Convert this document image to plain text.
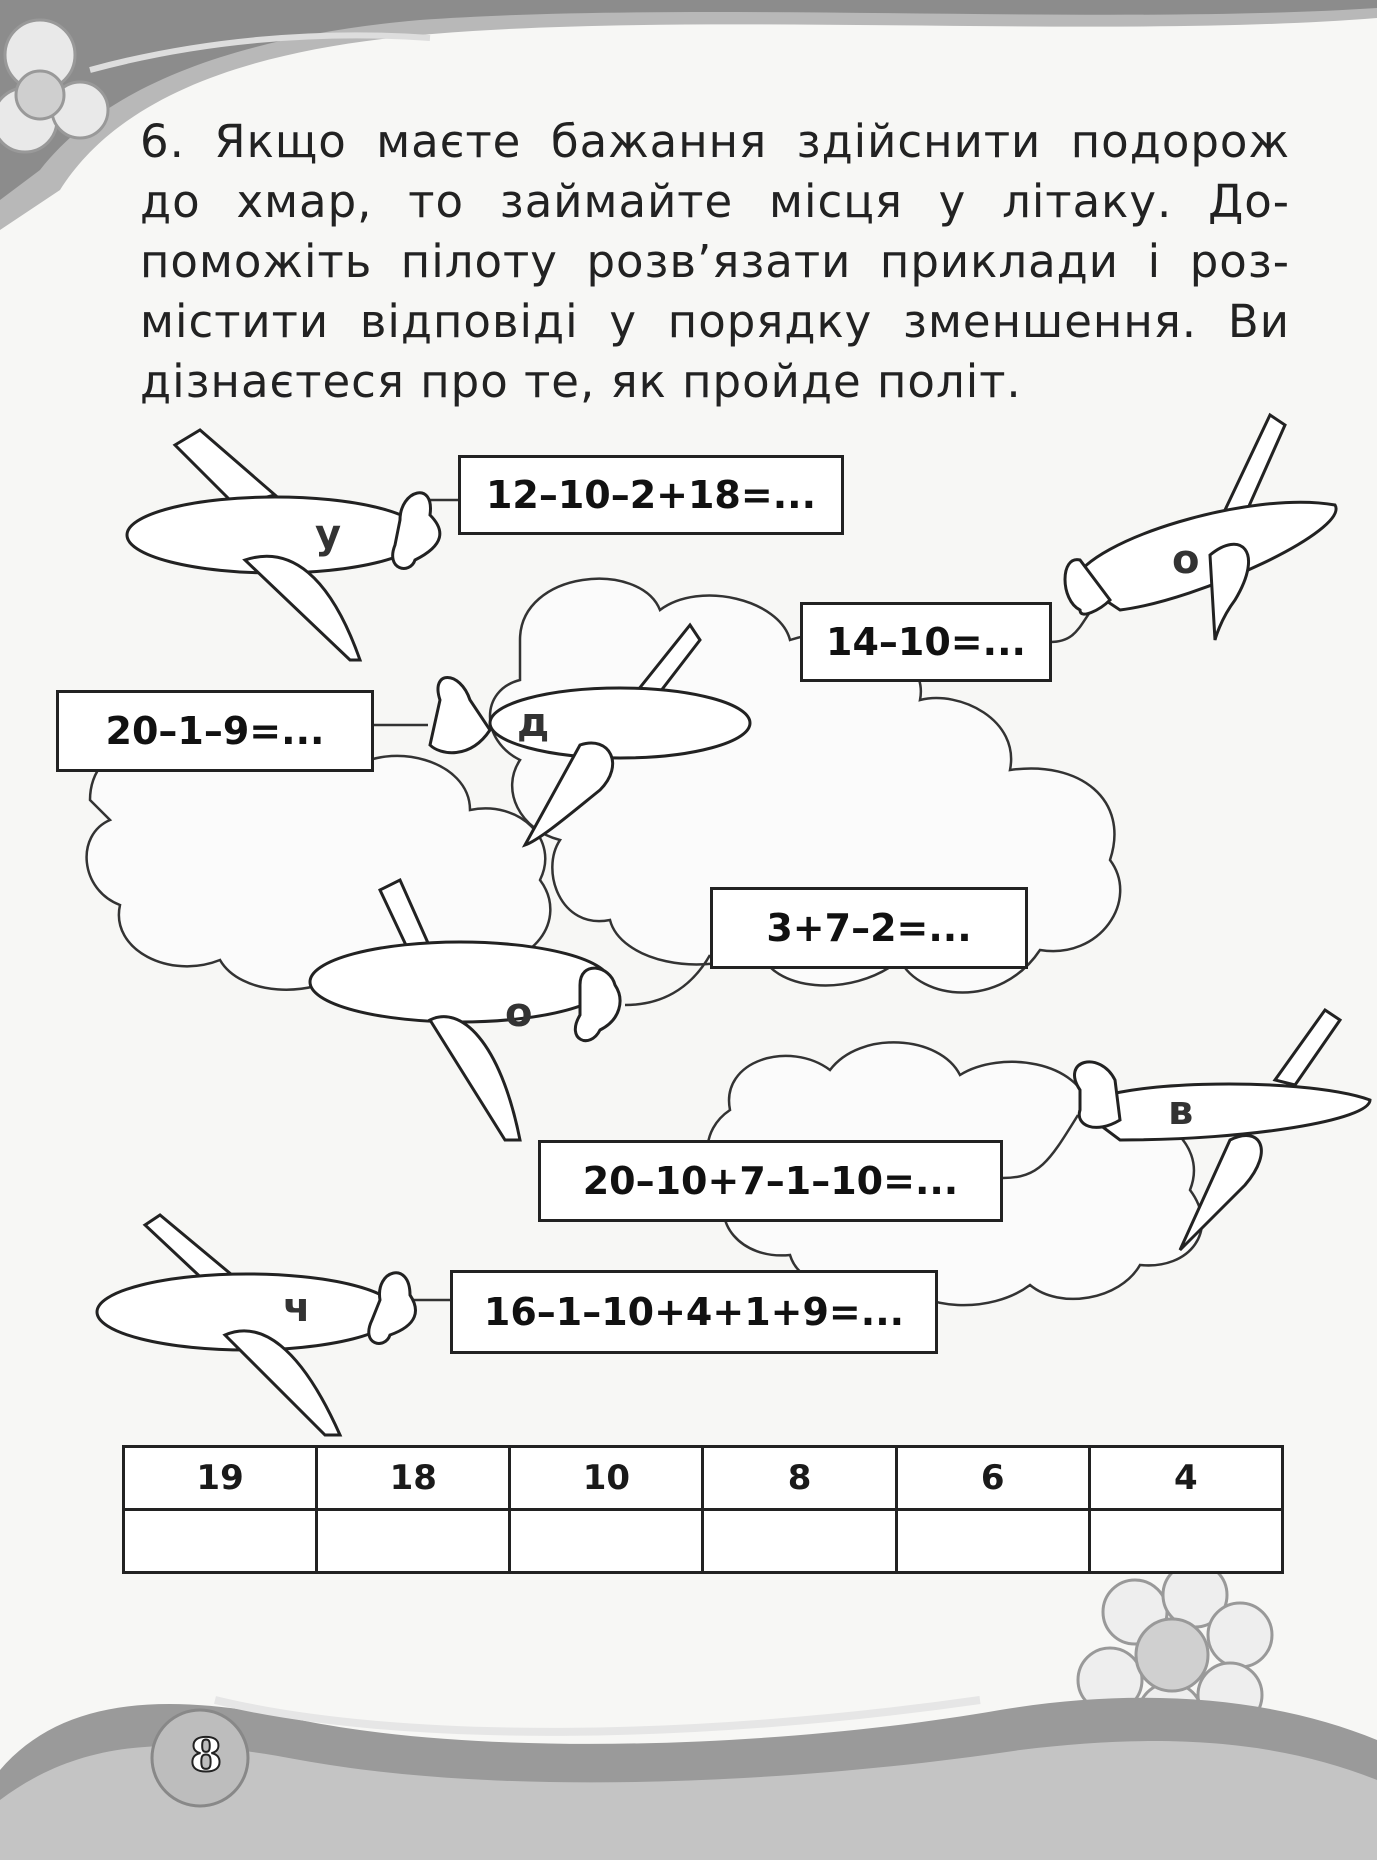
6. Якщо маєте бажання здійснити подорож
до хмар, то займайте місця у літаку. До-
поможіть пілоту розв’язати приклади і роз-
містити відповіді у порядку зменшення. Ви
дізнаєтеся про те, як пройде політ.
у
о
д
о
в
ч
12–10–2+18=...
14–10=...
20–1–9=...
3+7–2=...
20–10+7–1–10=...
16–1–10+4+1+9=...
19	18	10	8	6	4

8
